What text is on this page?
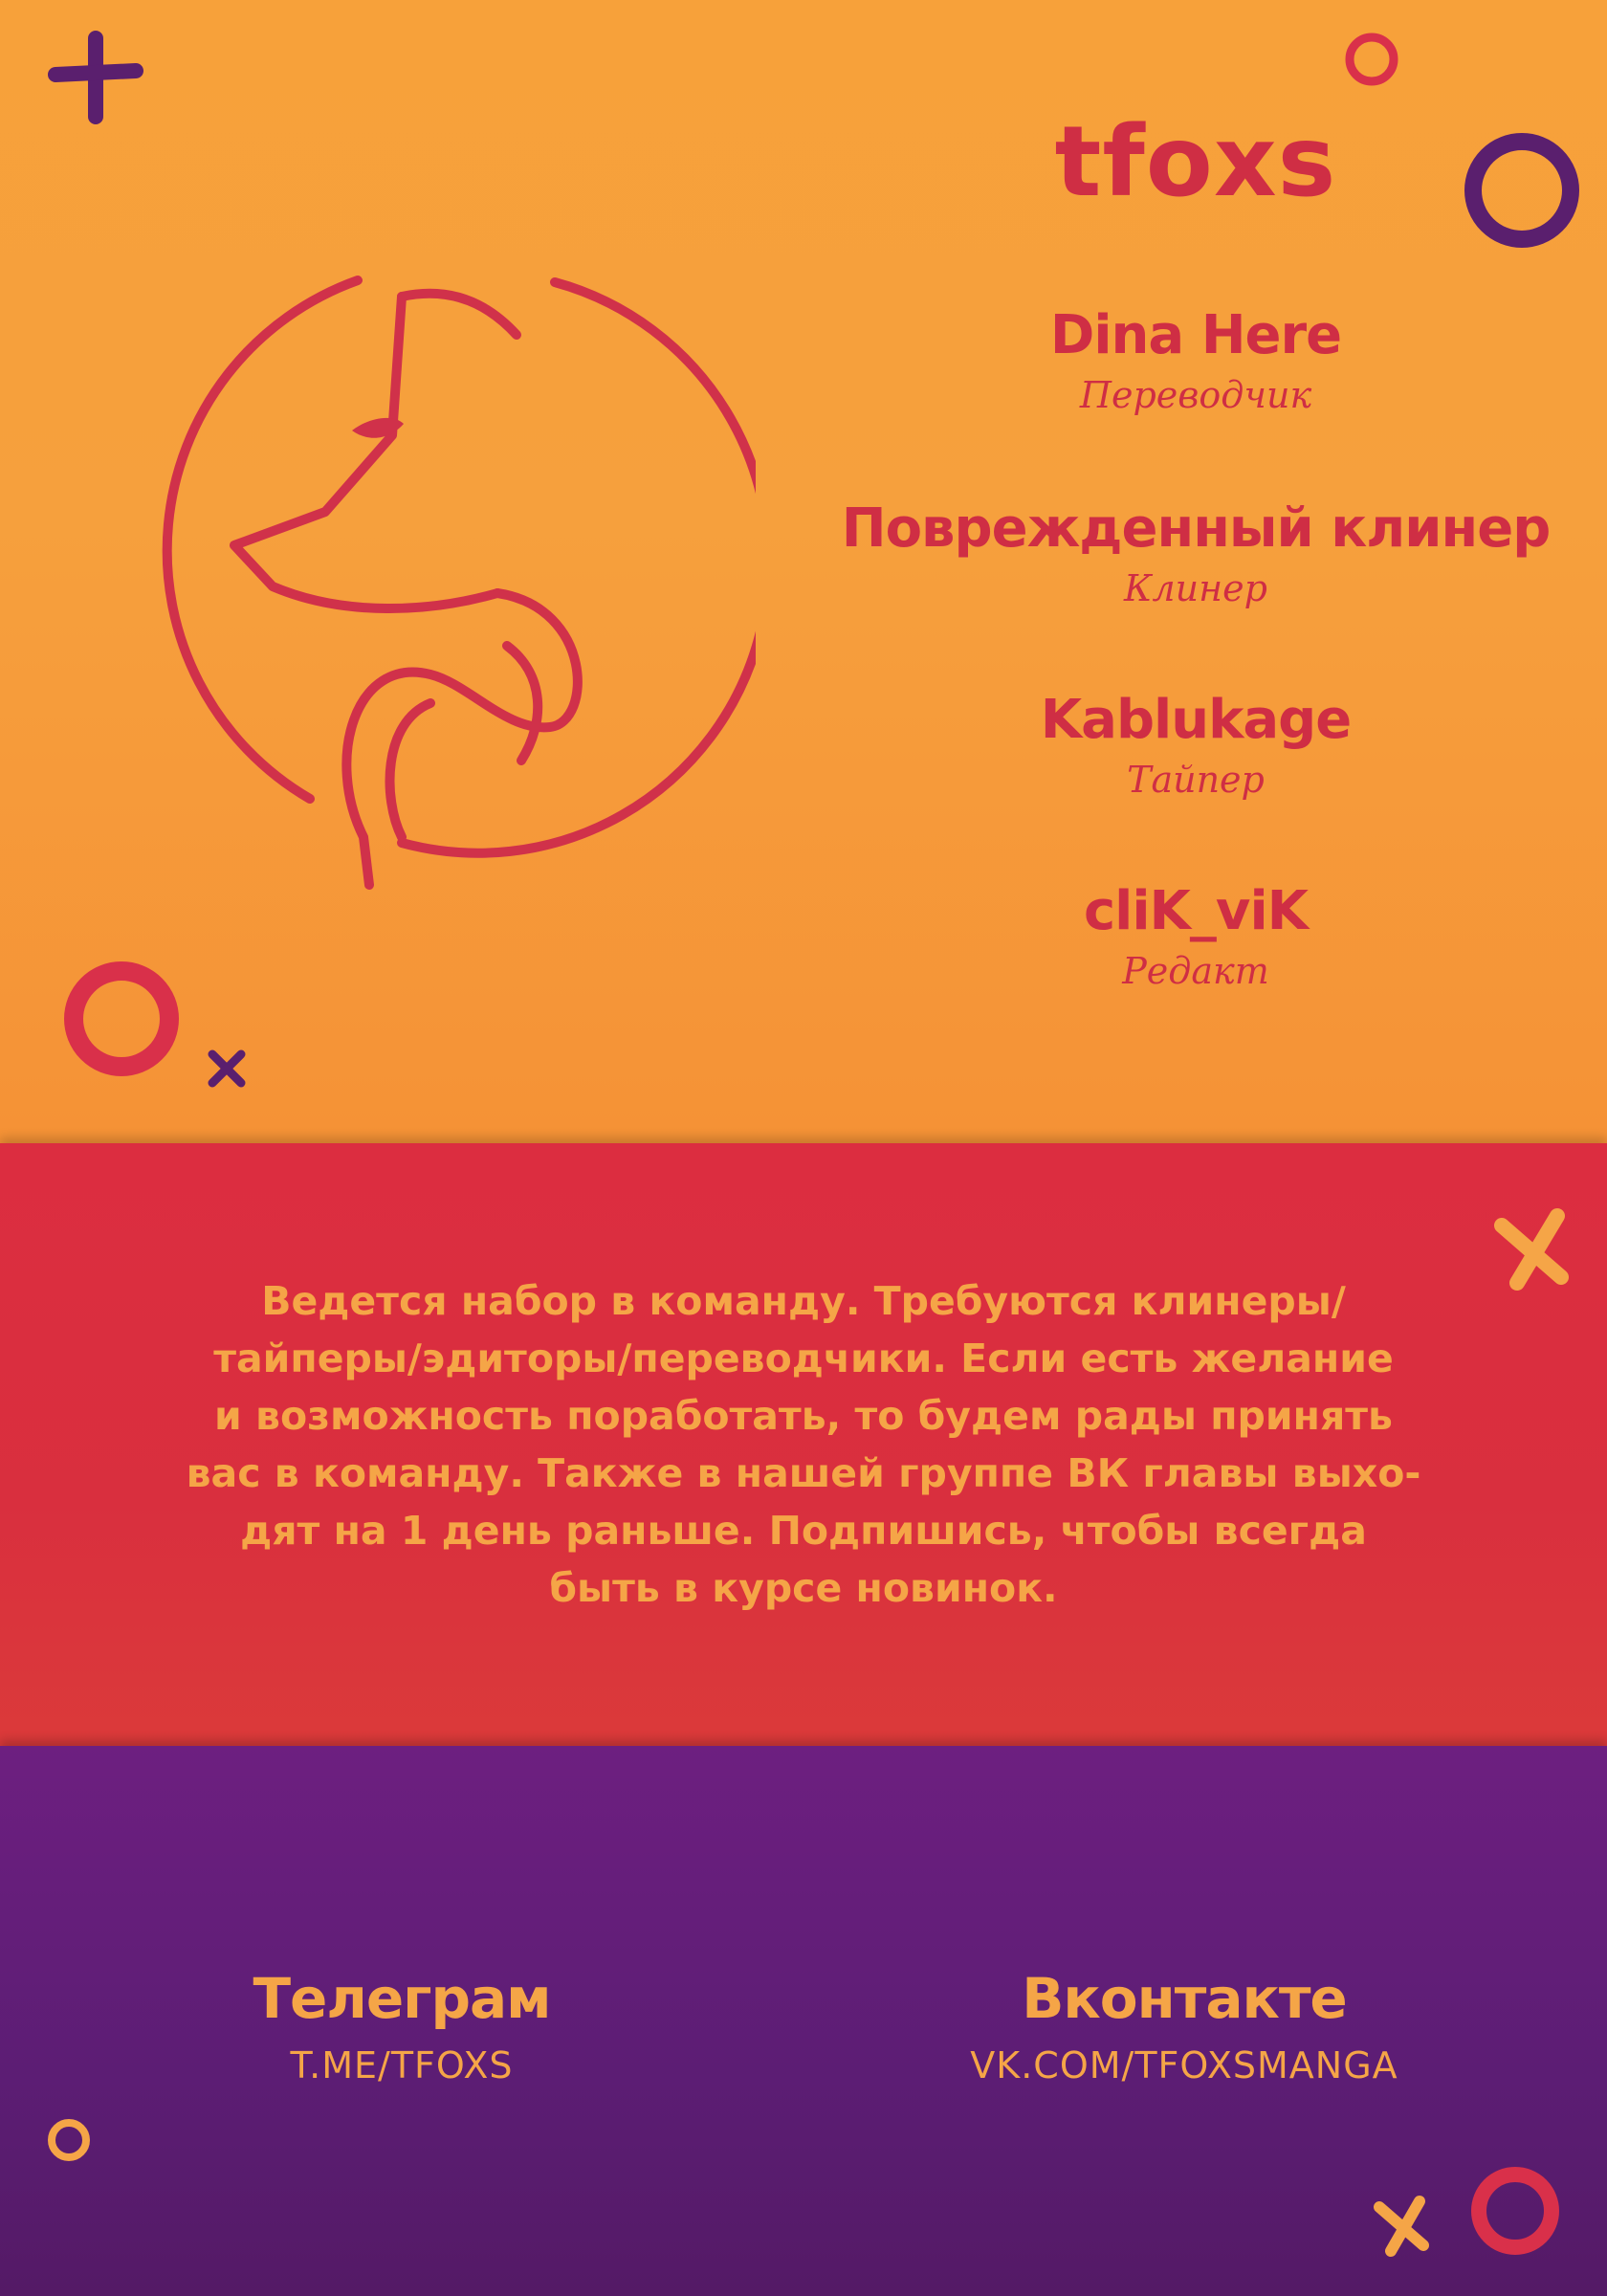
tfoxs
Dina Here
Переводчик
Поврежденный клинер
Клинер
Kablukage
Тайпер
cliK_viK
Редакт
Ведется набор в команду. Требуются клинеры/
тайперы/эдиторы/переводчики. Если есть желание
и возможность поработать, то будем рады принять
вас в команду. Также в нашей группе ВК главы выхо-
дят на 1 день раньше. Подпишись, чтобы всегда
быть в курсе новинок.
Телеграм
T.ME/TFOXS
Вконтакте
VK.COM/TFOXSMANGA
